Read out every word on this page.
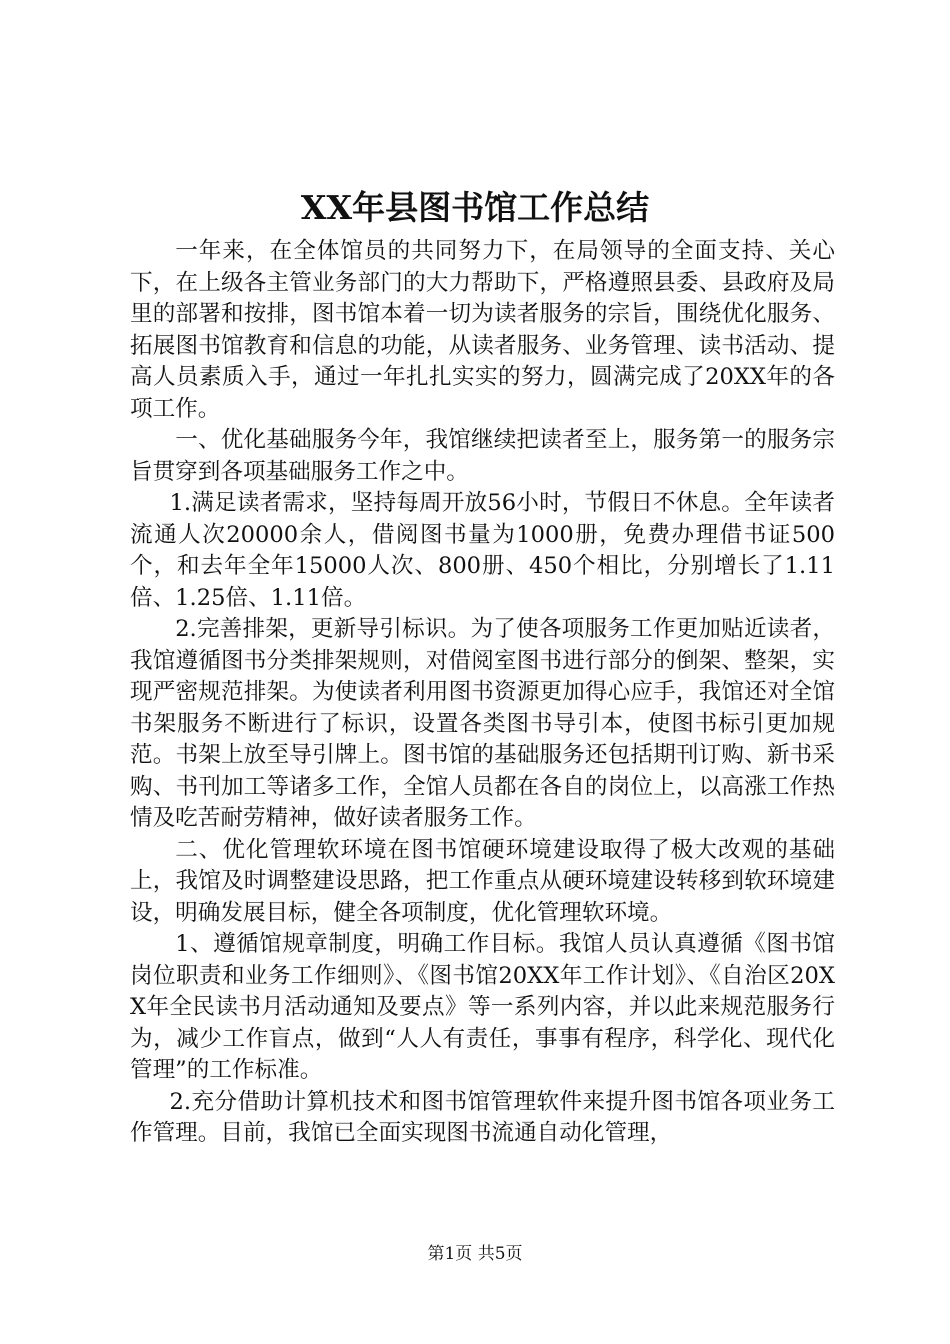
XX年县图书馆工作总结

一年来，在全体馆员的共同努力下，在局领导的全面支持、关心下，在上级各主管业务部门的大力帮助下，严格遵照县委、县政府及局里的部署和按排，图书馆本着一切为读者服务的宗旨，围绕优化服务、拓展图书馆教育和信息的功能，从读者服务、业务管理、读书活动、提高人员素质入手，通过一年扎扎实实的努力，圆满完成了20XX年的各项工作。

一、优化基础服务今年，我馆继续把读者至上，服务第一的服务宗旨贯穿到各项基础服务工作之中。

1.满足读者需求，坚持每周开放56小时，节假日不休息。全年读者流通人次20000余人，借阅图书量为1000册，免费办理借书证500个，和去年全年15000人次、800册、450个相比，分别增长了1.11倍、1.25倍、1.11倍。

2.完善排架，更新导引标识。为了使各项服务工作更加贴近读者，我馆遵循图书分类排架规则，对借阅室图书进行部分的倒架、整架，实现严密规范排架。为使读者利用图书资源更加得心应手，我馆还对全馆书架服务不断进行了标识，设置各类图书导引本，使图书标引更加规范。书架上放至导引牌上。图书馆的基础服务还包括期刊订购、新书采购、书刊加工等诸多工作，全馆人员都在各自的岗位上，以高涨工作热情及吃苦耐劳精神，做好读者服务工作。

二、优化管理软环境在图书馆硬环境建设取得了极大改观的基础上，我馆及时调整建设思路，把工作重点从硬环境建设转移到软环境建设，明确发展目标，健全各项制度，优化管理软环境。

1、遵循馆规章制度，明确工作目标。我馆人员认真遵循《图书馆岗位职责和业务工作细则》、《图书馆20XX年工作计划》、《自治区20XX年全民读书月活动通知及要点》等一系列内容，并以此来规范服务行为，减少工作盲点，做到“人人有责任，事事有程序，科学化、现代化管理”的工作标准。

2.充分借助计算机技术和图书馆管理软件来提升图书馆各项业务工作管理。目前，我馆已全面实现图书流通自动化管理，

第1页 共5页
